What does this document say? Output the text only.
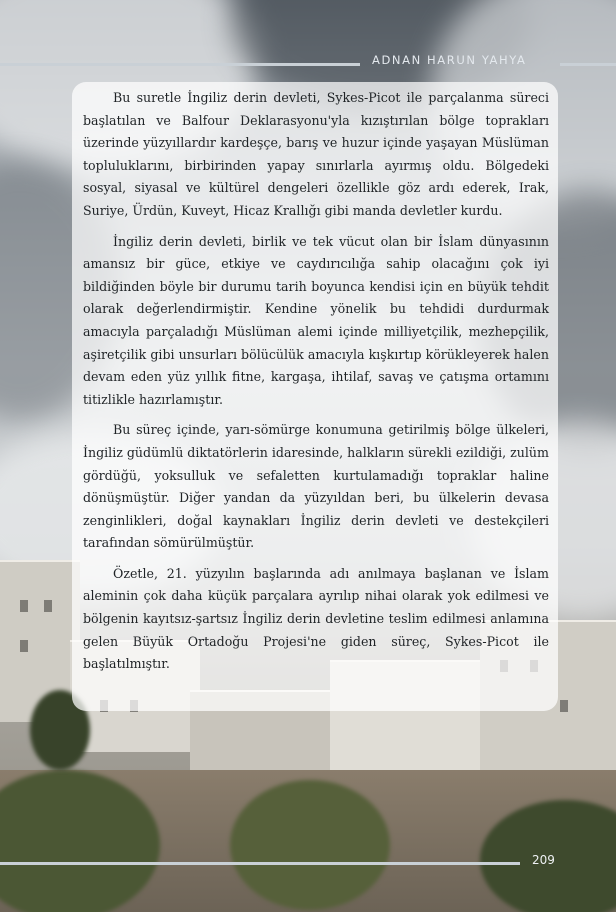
ADNAN HARUN YAHYA

Bu suretle İngiliz derin devleti, Sykes-Picot ile parçalanma süreci başlatılan ve Balfour Deklarasyonu'yla kızıştırılan bölge toprakları üzerinde yüzyıllardır kardeşçe, barış ve huzur içinde yaşayan Müslüman topluluklarını, birbirinden yapay sınırlarla ayırmış oldu. Bölgedeki sosyal, siyasal ve kültürel dengeleri özellikle göz ardı ederek, Irak, Suriye, Ürdün, Kuveyt, Hicaz Krallığı gibi manda devletler kurdu.

İngiliz derin devleti, birlik ve tek vücut olan bir İslam dünyasının amansız bir güce, etkiye ve caydırıcılığa sahip olacağını çok iyi bildiğinden böyle bir durumu tarih boyunca kendisi için en büyük tehdit olarak değerlendirmiştir. Kendine yönelik bu tehdidi durdurmak amacıyla parçaladığı Müslüman alemi içinde milliyetçilik, mezhepçilik, aşiretçilik gibi unsurları bölücülük amacıyla kışkırtıp körükleyerek halen devam eden yüz yıllık fitne, kargaşa, ihtilaf, savaş ve çatışma ortamını titizlikle hazırlamıştır.

Bu süreç içinde, yarı-sömürge konumuna getirilmiş bölge ülkeleri, İngiliz güdümlü diktatörlerin idaresinde, halkların sürekli ezildiği, zulüm gördüğü, yoksulluk ve sefaletten kurtulamadığı topraklar haline dönüşmüştür. Diğer yandan da yüzyıldan beri, bu ülkelerin devasa zenginlikleri, doğal kaynakları İngiliz derin devleti ve destekçileri tarafından sömürülmüştür.

Özetle, 21. yüzyılın başlarında adı anılmaya başlanan ve İslam aleminin çok daha küçük parçalara ayrılıp nihai olarak yok edilmesi ve bölgenin kayıtsız-şartsız İngiliz derin devletine teslim edilmesi anlamına gelen Büyük Ortadoğu Projesi'ne giden süreç, Sykes-Picot ile başlatılmıştır.

209
